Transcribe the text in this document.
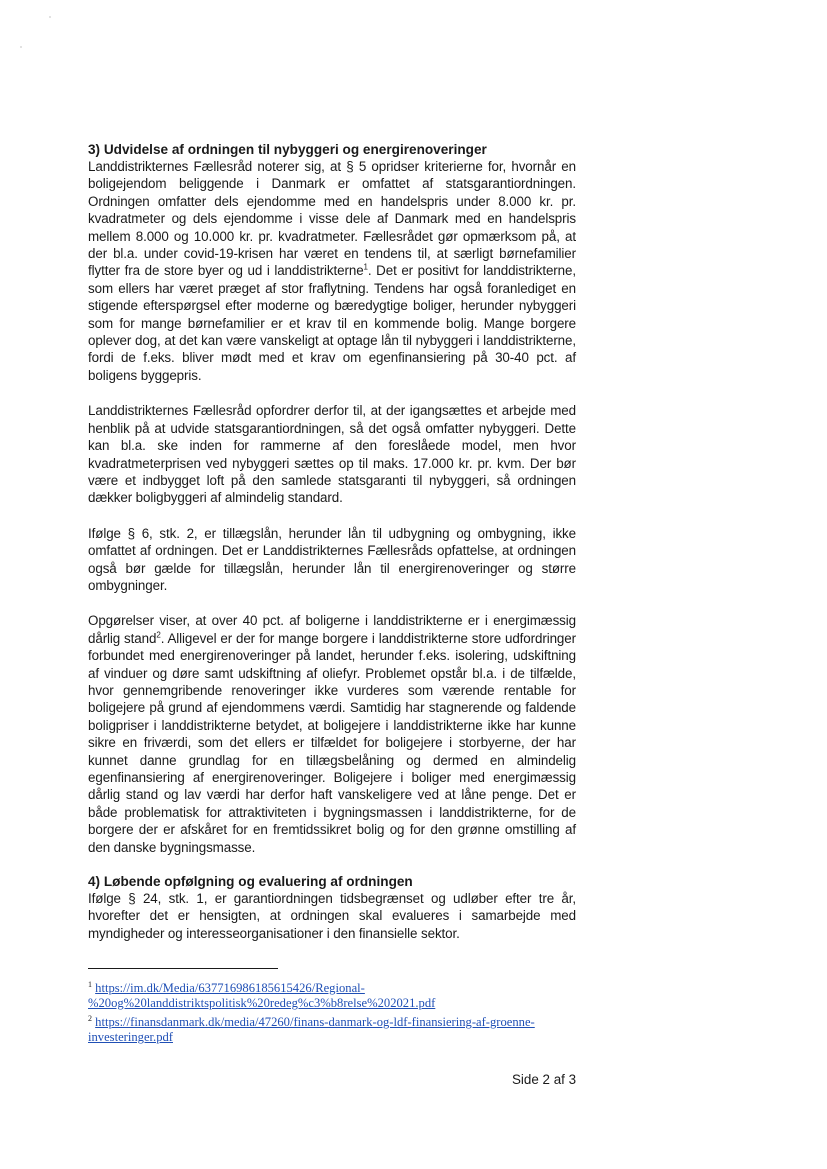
3) Udvidelse af ordningen til nybyggeri og energirenoveringer

Landdistrikternes Fællesråd noterer sig, at § 5 opridser kriterierne for, hvornår en boligejendom beliggende i Danmark er omfattet af statsgarantiordningen. Ordningen omfatter dels ejendomme med en handelspris under 8.000 kr. pr. kvadratmeter og dels ejendomme i visse dele af Danmark med en handelspris mellem 8.000 og 10.000 kr. pr. kvadratmeter. Fællesrådet gør opmærksom på, at der bl.a. under covid-19-krisen har været en tendens til, at særligt børnefamilier flytter fra de store byer og ud i landdistrikterne$^1$. Det er positivt for landdistrikterne, som ellers har været præget af stor fraflytning. Tendens har også foranlediget en stigende efterspørgsel efter moderne og bæredygtige boliger, herunder nybyggeri som for mange børnefamilier er et krav til en kommende bolig. Mange borgere oplever dog, at det kan være vanskeligt at optage lån til nybyggeri i landdistrikterne, fordi de f.eks. bliver mødt med et krav om egenfinansiering på 30-40 pct. af boligens byggepris.

Landdistrikternes Fællesråd opfordrer derfor til, at der igangsættes et arbejde med henblik på at udvide statsgarantiordningen, så det også omfatter nybyggeri. Dette kan bl.a. ske inden for rammerne af den foreslåede model, men hvor kvadratmeterprisen ved nybyggeri sættes op til maks. 17.000 kr. pr. kvm. Der bør være et indbygget loft på den samlede statsgaranti til nybyggeri, så ordningen dækker boligbyggeri af almindelig standard.

Ifølge § 6, stk. 2, er tillægslån, herunder lån til udbygning og ombygning, ikke omfattet af ordningen. Det er Landdistrikternes Fællesråds opfattelse, at ordningen også bør gælde for tillægslån, herunder lån til energirenoveringer og større ombygninger.

Opgørelser viser, at over 40 pct. af boligerne i landdistrikterne er i energimæssig dårlig stand$^2$. Alligevel er der for mange borgere i landdistrikterne store udfordringer forbundet med energirenoveringer på landet, herunder f.eks. isolering, udskiftning af vinduer og døre samt udskiftning af oliefyr. Problemet opstår bl.a. i de tilfælde, hvor gennemgribende renoveringer ikke vurderes som værende rentable for boligejere på grund af ejendommens værdi. Samtidig har stagnerende og faldende boligpriser i landdistrikterne betydet, at boligejere i landdistrikterne ikke har kunne sikre en friværdi, som det ellers er tilfældet for boligejere i storbyerne, der har kunnet danne grundlag for en tillægsbelåning og dermed en almindelig egenfinansiering af energirenoveringer. Boligejere i boliger med energimæssig dårlig stand og lav værdi har derfor haft vanskeligere ved at låne penge. Det er både problematisk for attraktiviteten i bygningsmassen i landdistrikterne, for de borgere der er afskåret for en fremtidssikret bolig og for den grønne omstilling af den danske bygningsmasse.

4) Løbende opfølgning og evaluering af ordningen

Ifølge § 24, stk. 1, er garantiordningen tidsbegrænset og udløber efter tre år, hvorefter det er hensigten, at ordningen skal evalueres i samarbejde med myndigheder og interesseorganisationer i den finansielle sektor.

$^1$ https://im.dk/Media/637716986185615426/Regional-
%20og%20landdistriktspolitisk%20redeg%c3%b8relse%202021.pdf

$^2$ https://finansdanmark.dk/media/47260/finans-danmark-og-ldf-finansiering-af-groenne-
investeringer.pdf

Side 2 af 3
